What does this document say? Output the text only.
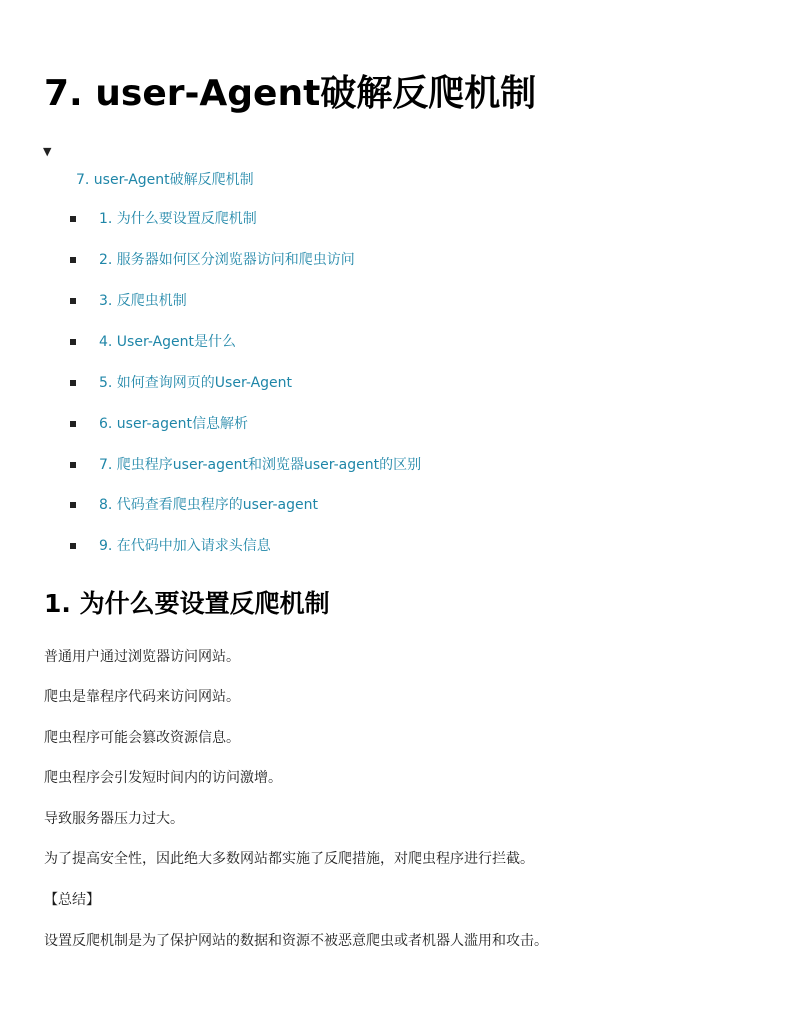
7. user-Agent破解反爬机制
▼
7. user-Agent破解反爬机制
1. 为什么要设置反爬机制
2. 服务器如何区分浏览器访问和爬虫访问
3. 反爬虫机制
4. User-Agent是什么
5. 如何查询网页的User-Agent
6. user-agent信息解析
7. 爬虫程序user-agent和浏览器user-agent的区别
8. 代码查看爬虫程序的user-agent
9. 在代码中加入请求头信息
1. 为什么要设置反爬机制

普通用户通过浏览器访问网站。

爬虫是靠程序代码来访问网站。

爬虫程序可能会篡改资源信息。

爬虫程序会引发短时间内的访问激增。

导致服务器压力过大。

为了提高安全性，因此绝大多数网站都实施了反爬措施，对爬虫程序进行拦截。

【总结】

设置反爬机制是为了保护网站的数据和资源不被恶意爬虫或者机器人滥用和攻击。
